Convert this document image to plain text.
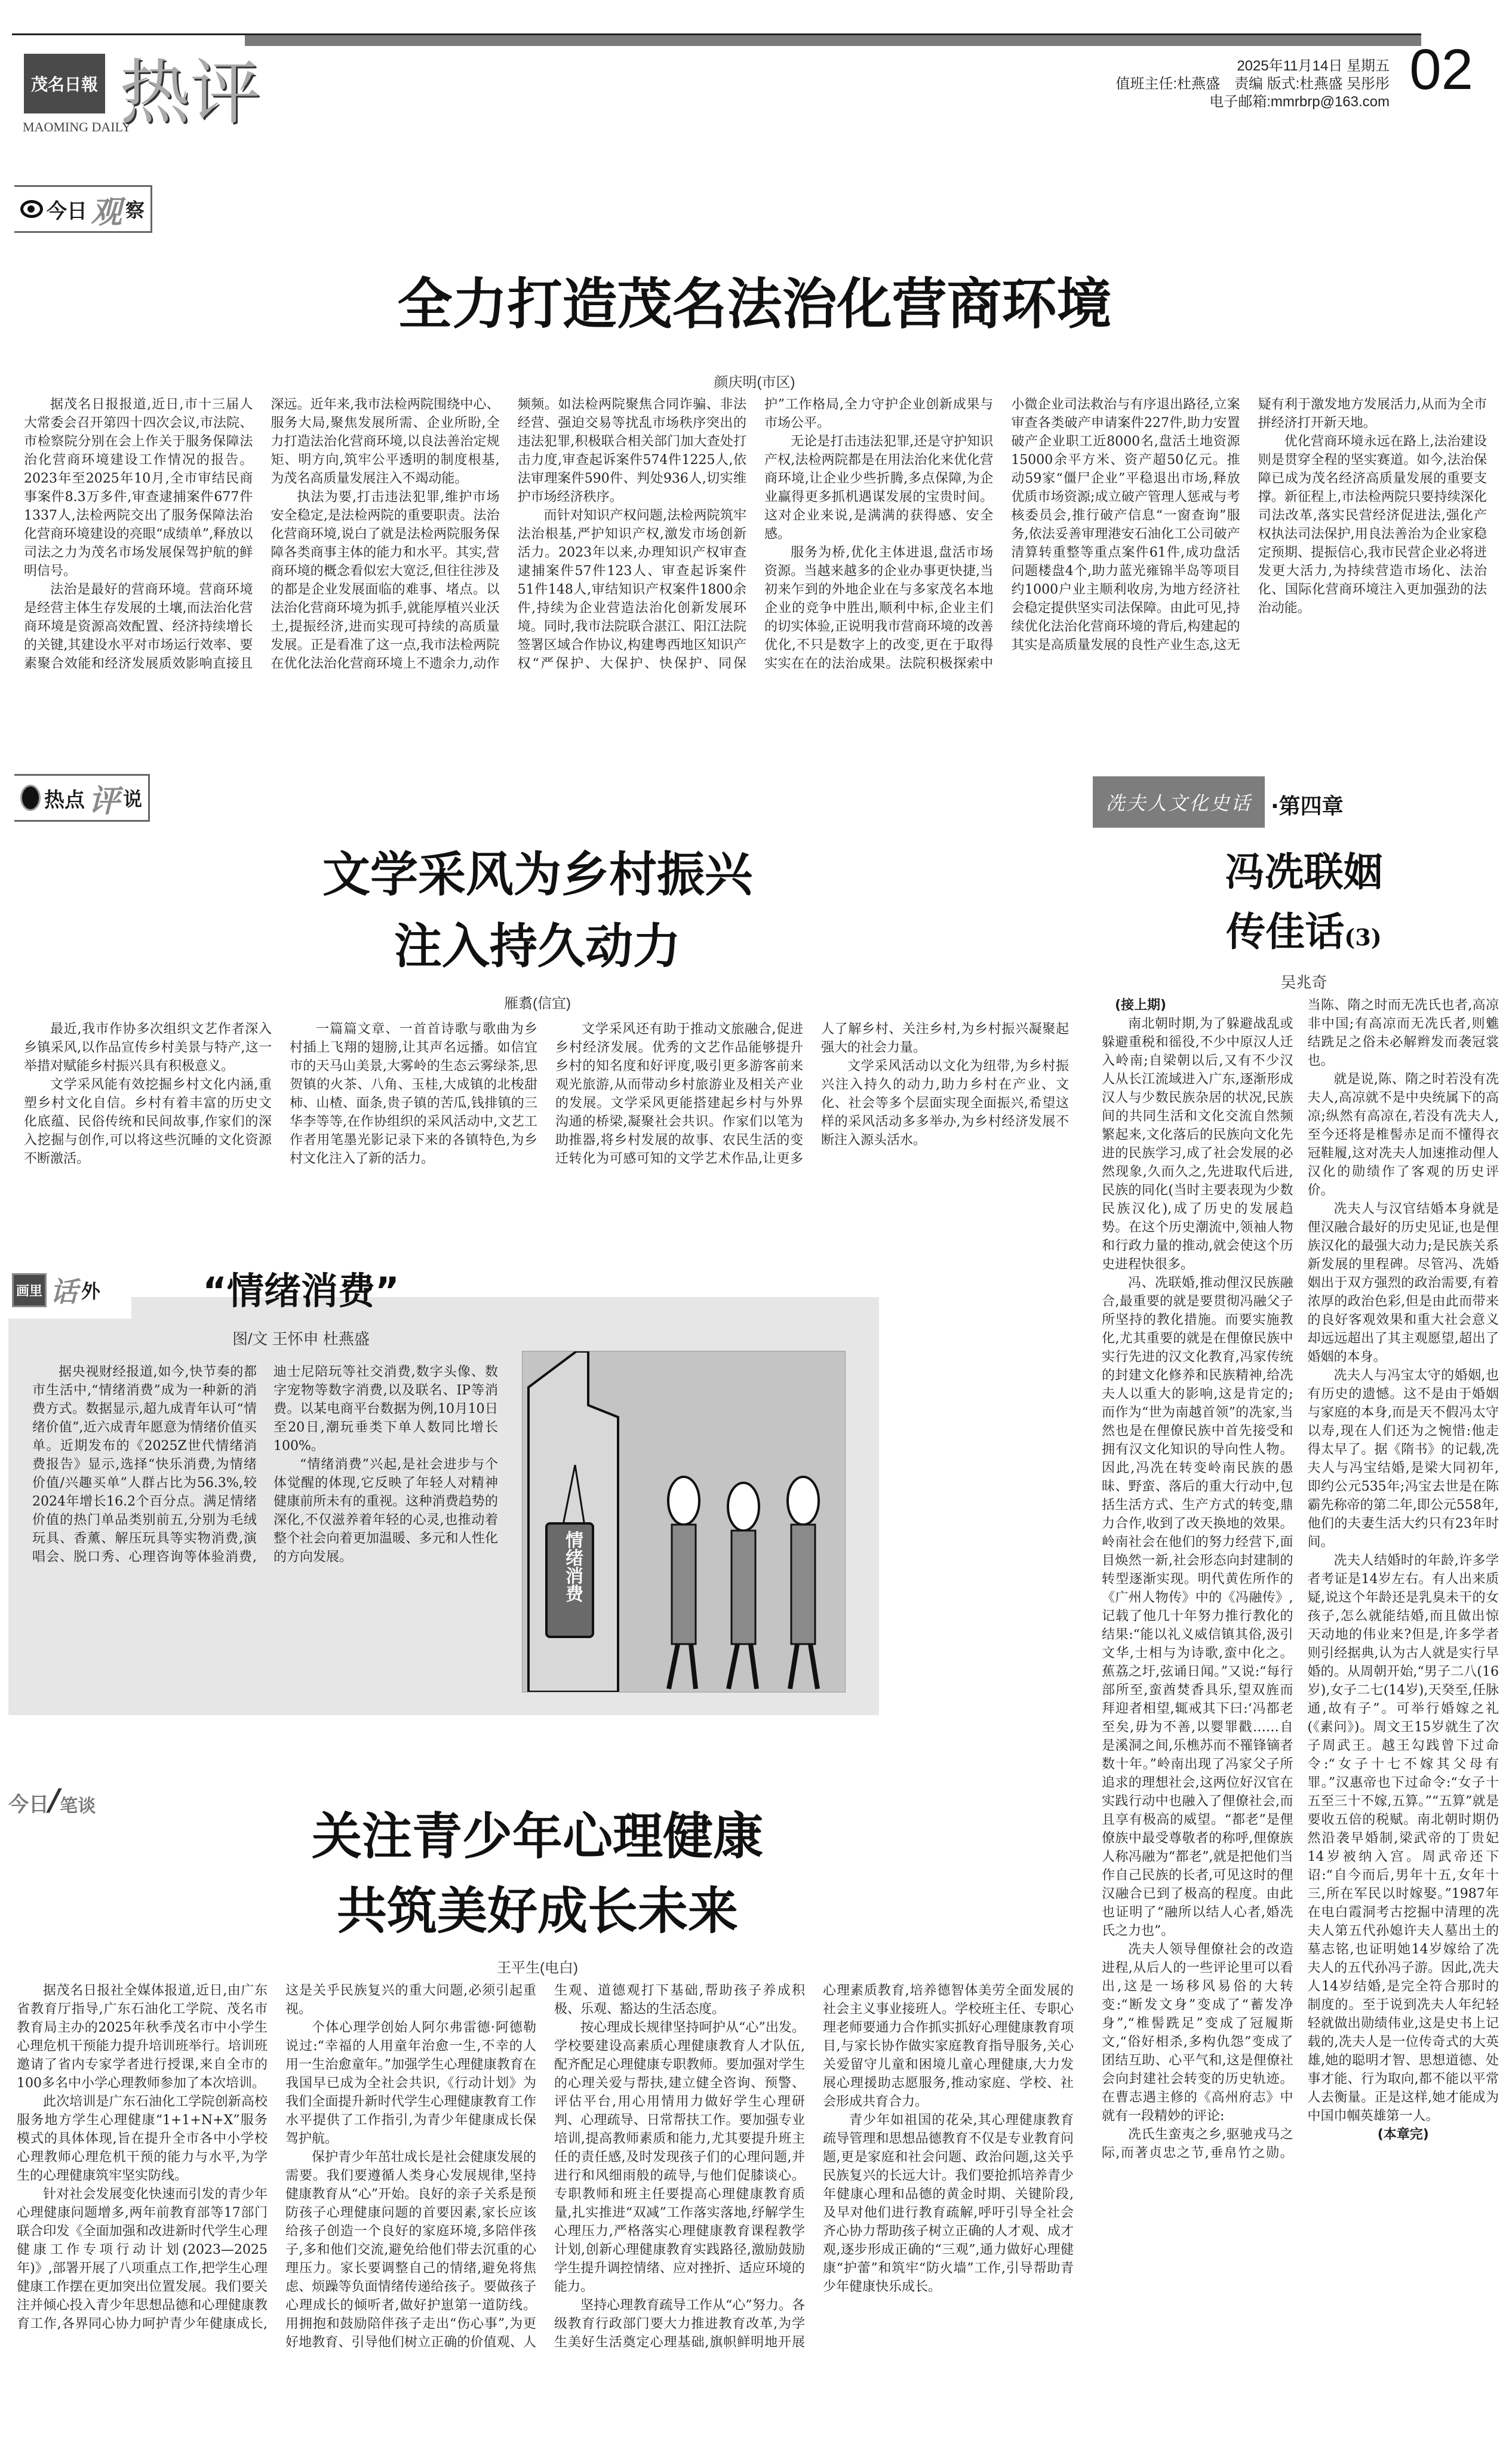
茂名日報
MAOMING DAILY
热评	2025年11月14日 星期五
值班主任:杜燕盛　责编 版式:杜燕盛 吴彤彤
电子邮箱:mmrbrp@163.com
02
今日 观 察
全力打造茂名法治化营商环境
颜庆明(市区)

据茂名日报报道,近日,市十三届人大常委会召开第四十四次会议,市法院、市检察院分别在会上作关于服务保障法治化营商环境建设工作情况的报告。2023年至2025年10月,全市审结民商事案件8.3万多件,审查逮捕案件677件1337人,法检两院交出了服务保障法治化营商环境建设的亮眼“成绩单”,释放以司法之力为茂名市场发展保驾护航的鲜明信号。

法治是最好的营商环境。营商环境是经营主体生存发展的土壤,而法治化营商环境是资源高效配置、经济持续增长的关键,其建设水平对市场运行效率、要素聚合效能和经济发展质效影响直接且深远。近年来,我市法检两院围绕中心、服务大局,聚焦发展所需、企业所盼,全力打造法治化营商环境,以良法善治定规矩、明方向,筑牢公平透明的制度根基,为茂名高质量发展注入不竭动能。

执法为要,打击违法犯罪,维护市场安全稳定,是法检两院的重要职责。法治化营商环境,说白了就是法检两院服务保障各类商事主体的能力和水平。其实,营商环境的概念看似宏大宽泛,但往往涉及的都是企业发展面临的难事、堵点。以法治化营商环境为抓手,就能厚植兴业沃土,提振经济,进而实现可持续的高质量发展。正是看准了这一点,我市法检两院在优化法治化营商环境上不遗余力,动作频频。如法检两院聚焦合同诈骗、非法经营、强迫交易等扰乱市场秩序突出的违法犯罪,积极联合相关部门加大查处打击力度,审查起诉案件574件1225人,依法审理案件590件、判处936人,切实维护市场经济秩序。

而针对知识产权问题,法检两院筑牢法治根基,严护知识产权,激发市场创新活力。2023年以来,办理知识产权审查逮捕案件57件123人、审查起诉案件51件148人,审结知识产权案件1800余件,持续为企业营造法治化创新发展环境。同时,我市法院联合湛江、阳江法院签署区域合作协议,构建粤西地区知识产权“严保护、大保护、快保护、同保护”工作格局,全力守护企业创新成果与市场公平。

无论是打击违法犯罪,还是守护知识产权,法检两院都是在用法治化来优化营商环境,让企业少些折腾,多点保障,为企业赢得更多抓机遇谋发展的宝贵时间。这对企业来说,是满满的获得感、安全感。

服务为桥,优化主体进退,盘活市场资源。当越来越多的企业办事更快捷,当初来乍到的外地企业在与多家茂名本地企业的竞争中胜出,顺利中标,企业主们的切实体验,正说明我市营商环境的改善优化,不只是数字上的改变,更在于取得实实在在的法治成果。法院积极探索中小微企业司法救治与有序退出路径,立案审查各类破产申请案件227件,助力安置破产企业职工近8000名,盘活土地资源15000余平方米、资产超50亿元。推动59家“僵尸企业”平稳退出市场,释放优质市场资源;成立破产管理人惩戒与考核委员会,推行破产信息“一窗查询”服务,依法妥善审理港安石油化工公司破产清算转重整等重点案件61件,成功盘活问题楼盘4个,助力蓝光雍锦半岛等项目约1000户业主顺利收房,为地方经济社会稳定提供坚实司法保障。由此可见,持续优化法治化营商环境的背后,构建起的其实是高质量发展的良性产业生态,这无疑有利于激发地方发展活力,从而为全市拼经济打开新天地。

优化营商环境永远在路上,法治建设则是贯穿全程的坚实赛道。如今,法治保障已成为茂名经济高质量发展的重要支撑。新征程上,市法检两院只要持续深化司法改革,落实民营经济促进法,强化产权执法司法保护,用良法善治为企业家稳定预期、提振信心,我市民营企业必将迸发更大活力,为持续营造市场化、法治化、国际化营商环境注入更加强劲的法治动能。

热点 评 说
文学采风为乡村振兴
注入持久动力
雁翥(信宜)

最近,我市作协多次组织文艺作者深入乡镇采风,以作品宣传乡村美景与特产,这一举措对赋能乡村振兴具有积极意义。

文学采风能有效挖掘乡村文化内涵,重塑乡村文化自信。乡村有着丰富的历史文化底蕴、民俗传统和民间故事,作家们的深入挖掘与创作,可以将这些沉睡的文化资源不断激活。

一篇篇文章、一首首诗歌与歌曲为乡村插上飞翔的翅膀,让其声名远播。如信宜市的天马山美景,大雾岭的生态云雾绿茶,思贺镇的火茶、八角、玉桂,大成镇的北梭甜柿、山楂、面条,贵子镇的苦瓜,钱排镇的三华李等等,在作协组织的采风活动中,文艺工作者用笔墨光影记录下来的各镇特色,为乡村文化注入了新的活力。

文学采风还有助于推动文旅融合,促进乡村经济发展。优秀的文艺作品能够提升乡村的知名度和好评度,吸引更多游客前来观光旅游,从而带动乡村旅游业及相关产业的发展。文学采风更能搭建起乡村与外界沟通的桥梁,凝聚社会共识。作家们以笔为助推器,将乡村发展的故事、农民生活的变迁转化为可感可知的文学艺术作品,让更多人了解乡村、关注乡村,为乡村振兴凝聚起强大的社会力量。

文学采风活动以文化为纽带,为乡村振兴注入持久的动力,助力乡村在产业、文化、社会等多个层面实现全面振兴,希望这样的采风活动多多举办,为乡村经济发展不断注入源头活水。

画里 话 外	“情绪消费”
图/文 王怀申 杜燕盛

据央视财经报道,如今,快节奏的都市生活中,“情绪消费”成为一种新的消费方式。数据显示,超九成青年认可“情绪价值”,近六成青年愿意为情绪价值买单。近期发布的《2025Z世代情绪消费报告》显示,选择“快乐消费,为情绪价值/兴趣买单”人群占比为56.3%,较2024年增长16.2个百分点。满足情绪价值的热门单品类别前五,分别为毛绒玩具、香薰、解压玩具等实物消费,演唱会、脱口秀、心理咨询等体验消费,迪士尼陪玩等社交消费,数字头像、数字宠物等数字消费,以及联名、IP等消费。以某电商平台数据为例,10月10日至20日,潮玩垂类下单人数同比增长100%。

“情绪消费”兴起,是社会进步与个体觉醒的体现,它反映了年轻人对精神健康前所未有的重视。这种消费趋势的深化,不仅滋养着年轻的心灵,也推动着整个社会向着更加温暖、多元和人性化的方向发展。	情绪消费
今日 / 笔谈
关注青少年心理健康
共筑美好成长未来
王平生(电白)

据茂名日报社全媒体报道,近日,由广东省教育厅指导,广东石油化工学院、茂名市教育局主办的2025年秋季茂名市中小学生心理危机干预能力提升培训班举行。培训班邀请了省内专家学者进行授课,来自全市的100多名中小学心理教师参加了本次培训。

此次培训是广东石油化工学院创新高校服务地方学生心理健康“1+1+N+X”服务模式的具体体现,旨在提升全市各中小学校心理教师心理危机干预的能力与水平,为学生的心理健康筑牢坚实防线。

针对社会发展变化快速而引发的青少年心理健康问题增多,两年前教育部等17部门联合印发《全面加强和改进新时代学生心理健康工作专项行动计划(2023—2025年)》,部署开展了八项重点工作,把学生心理健康工作摆在更加突出位置发展。我们要关注并倾心投入青少年思想品德和心理健康教育工作,各界同心协力呵护青少年健康成长,这是关乎民族复兴的重大问题,必须引起重视。

个体心理学创始人阿尔弗雷德·阿德勒说过:“幸福的人用童年治愈一生,不幸的人用一生治愈童年。”加强学生心理健康教育在我国早已成为全社会共识,《行动计划》为我们全面提升新时代学生心理健康教育工作水平提供了工作指引,为青少年健康成长保驾护航。

保护青少年茁壮成长是社会健康发展的需要。我们要遵循人类身心发展规律,坚持健康教育从“心”开始。良好的亲子关系是预防孩子心理健康问题的首要因素,家长应该给孩子创造一个良好的家庭环境,多陪伴孩子,多和他们交流,避免给他们带去沉重的心理压力。家长要调整自己的情绪,避免将焦虑、烦躁等负面情绪传递给孩子。要做孩子心理成长的倾听者,做好护崽第一道防线。用拥抱和鼓励陪伴孩子走出“伤心事”,为更好地教育、引导他们树立正确的价值观、人生观、道德观打下基础,帮助孩子养成积极、乐观、豁达的生活态度。

按心理成长规律坚持呵护从“心”出发。学校要建设高素质心理健康教育人才队伍,配齐配足心理健康专职教师。要加强对学生的心理关爱与帮扶,建立健全咨询、预警、评估平台,用心用情用力做好学生心理研判、心理疏导、日常帮扶工作。要加强专业培训,提高教师素质和能力,尤其要提升班主任的责任感,及时发现孩子们的心理问题,并进行和风细雨般的疏导,与他们促膝谈心。专职教师和班主任要提高心理健康教育质量,扎实推进“双减”工作落实落地,纾解学生心理压力,严格落实心理健康教育课程教学计划,创新心理健康教育实践路径,激励鼓励学生提升调控情绪、应对挫折、适应环境的能力。

坚持心理教育疏导工作从“心”努力。各级教育行政部门要大力推进教育改革,为学生美好生活奠定心理基础,旗帜鲜明地开展心理素质教育,培养德智体美劳全面发展的社会主义事业接班人。学校班主任、专职心理老师要通力合作抓实抓好心理健康教育项目,与家长协作做实家庭教育指导服务,关心关爱留守儿童和困境儿童心理健康,大力发展心理援助志愿服务,推动家庭、学校、社会形成共育合力。

青少年如祖国的花朵,其心理健康教育疏导管理和思想品德教育不仅是专业教育问题,更是家庭和社会问题、政治问题,这关乎民族复兴的长远大计。我们要抢抓培养青少年健康心理和品德的黄金时期、关键阶段,及早对他们进行教育疏解,呼吁引导全社会齐心协力帮助孩子树立正确的人才观、成才观,逐步形成正确的“三观”,通力做好心理健康“护蕾”和筑牢“防火墙”工作,引导帮助青少年健康快乐成长。

冼夫人文化史话 ·第四章
冯冼联姻
传佳话(3)
吴兆奇

(接上期)

南北朝时期,为了躲避战乱或躲避重税和徭役,不少中原汉人迁入岭南;自梁朝以后,又有不少汉人从长江流域进入广东,逐渐形成汉人与少数民族杂居的状况,民族间的共同生活和文化交流自然频繁起来,文化落后的民族向文化先进的民族学习,成了社会发展的必然现象,久而久之,先进取代后进,民族的同化(当时主要表现为少数民族汉化),成了历史的发展趋势。在这个历史潮流中,领袖人物和行政力量的推动,就会使这个历史进程快很多。

冯、冼联婚,推动俚汉民族融合,最重要的就是要贯彻冯融父子所坚持的教化措施。而要实施教化,尤其重要的就是在俚僚民族中实行先进的汉文化教育,冯家传统的封建文化修养和民族精神,给冼夫人以重大的影响,这是肯定的;而作为“世为南越首领”的冼家,当然也是在俚僚民族中首先接受和拥有汉文化知识的导向性人物。因此,冯冼在转变岭南民族的愚昧、野蛮、落后的重大行动中,包括生活方式、生产方式的转变,鼎力合作,收到了改天换地的效果。岭南社会在他们的努力经营下,面目焕然一新,社会形态向封建制的转型逐渐实现。明代黄佐所作的《广州人物传》中的《冯融传》,记载了他几十年努力推行教化的结果:“能以礼义威信镇其俗,汲引文华,士相与为诗歌,蛮中化之。蕉荔之圩,弦诵日闻。”又说:“每行部所至,蛮酋焚香具乐,望双旌而拜迎者相望,辄戒其下曰:‘冯都老至矣,毋为不善,以婴罪戳……自是溪洞之间,乐樵苏而不罹锋镝者数十年。”岭南出现了冯家父子所追求的理想社会,这两位好汉官在实践行动中也融入了俚僚社会,而且享有极高的威望。“都老”是俚僚族中最受尊敬者的称呼,俚僚族人称冯融为“都老”,就是把他们当作自己民族的长者,可见这时的俚汉融合已到了极高的程度。由此也证明了“融所以结人心者,婚冼氏之力也”。

冼夫人领导俚僚社会的改造进程,从后人的一些评论里可以看出,这是一场移风易俗的大转变:“断发文身”变成了“蓄发净身”,“椎髻跣足”变成了冠履斯文,“俗好相杀,多构仇怨”变成了团结互助、心平气和,这是俚僚社会向封建社会转变的历史轨迹。在曹志遇主修的《高州府志》中就有一段精妙的评论:

冼氏生蛮夷之乡,驱驰戎马之际,而著贞忠之节,垂帛竹之勋。当陈、隋之时而无冼氏也者,高凉非中国;有高凉而无冼氏者,则魋结跣足之俗未必解辫发而袭冠裳也。

就是说,陈、隋之时若没有冼夫人,高凉就不是中央统属下的高凉;纵然有高凉在,若没有冼夫人,至今还将是椎髻赤足而不懂得衣冠鞋履,这对冼夫人加速推动俚人汉化的勋绩作了客观的历史评价。

冼夫人与汉官结婚本身就是俚汉融合最好的历史见证,也是俚族汉化的最强大动力;是民族关系新发展的里程碑。尽管冯、冼婚姻出于双方强烈的政治需要,有着浓厚的政治色彩,但是由此而带来的良好客观效果和重大社会意义却远远超出了其主观愿望,超出了婚姻的本身。

冼夫人与冯宝太守的婚姻,也有历史的遗憾。这不是由于婚姻与家庭的本身,而是天不假冯太守以寿,现在人们还为之惋惜:他走得太早了。据《隋书》的记载,冼夫人与冯宝结婚,是梁大同初年,即约公元535年;冯宝去世是在陈霸先称帝的第二年,即公元558年,他们的夫妻生活大约只有23年时间。

冼夫人结婚时的年龄,许多学者考证是14岁左右。有人出来质疑,说这个年龄还是乳臭未干的女孩子,怎么就能结婚,而且做出惊天动地的伟业来?但是,许多学者则引经据典,认为古人就是实行早婚的。从周朝开始,“男子二八(16岁),女子二七(14岁),天癸至,任脉通,故有子”。可举行婚嫁之礼(《素问》)。周文王15岁就生了次子周武王。越王勾践曾下过命令:“女子十七不嫁其父母有罪。”汉惠帝也下过命令:“女子十五至三十不嫁,五算。”“五算”就是要收五倍的税赋。南北朝时期仍然沿袭早婚制,梁武帝的丁贵妃14岁被纳入宫。周武帝还下诏:“自今而后,男年十五,女年十三,所在军民以时嫁娶。”1987年在电白霞洞考古挖掘中清理的冼夫人第五代孙媳许夫人墓出土的墓志铭,也证明她14岁嫁给了冼夫人的五代孙冯子游。因此,冼夫人14岁结婚,是完全符合那时的制度的。至于说到冼夫人年纪轻轻就做出勋绩伟业,这是史书上记载的,冼夫人是一位传奇式的大英雄,她的聪明才智、思想道德、处事才能、行为取向,都不能以平常人去衡量。正是这样,她才能成为中国巾帼英雄第一人。

(本章完)
